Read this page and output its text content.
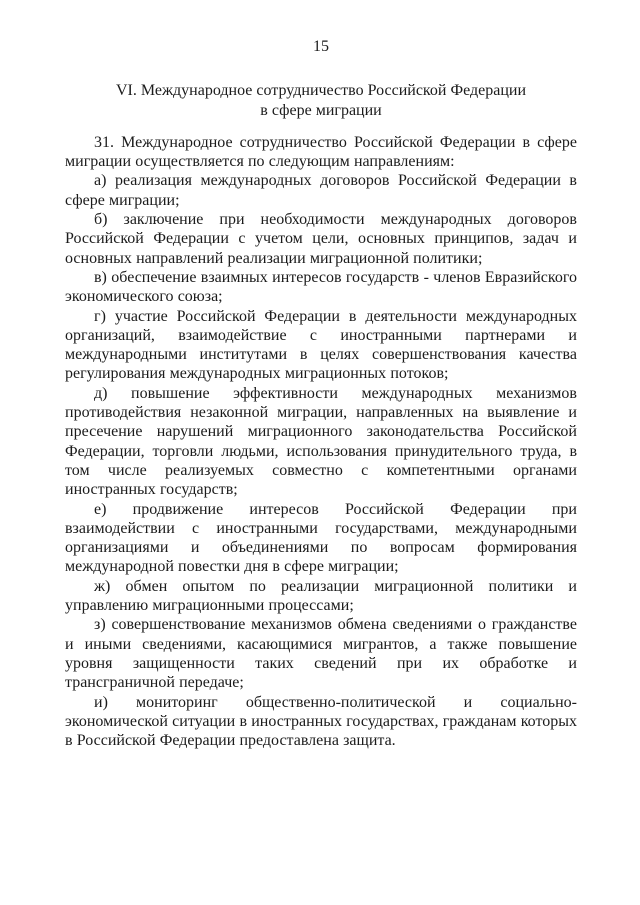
15
VI. Международное сотрудничество Российской Федерации
в сфере миграции

31. Международное сотрудничество Российской Федерации в сфере миграции осуществляется по следующим направлениям:

а) реализация международных договоров Российской Федерации в сфере миграции;

б) заключение при необходимости международных договоров Российской Федерации с учетом цели, основных принципов, задач и основных направлений реализации миграционной политики;

в) обеспечение взаимных интересов государств - членов Евразийского экономического союза;

г) участие Российской Федерации в деятельности международных организаций, взаимодействие с иностранными партнерами и международными институтами в целях совершенствования качества регулирования международных миграционных потоков;

д) повышение эффективности международных механизмов противодействия незаконной миграции, направленных на выявление и пресечение нарушений миграционного законодательства Российской Федерации, торговли людьми, использования принудительного труда, в том числе реализуемых совместно с компетентными органами иностранных государств;

е) продвижение интересов Российской Федерации при взаимодействии с иностранными государствами, международными организациями и объединениями по вопросам формирования международной повестки дня в сфере миграции;

ж) обмен опытом по реализации миграционной политики и управлению миграционными процессами;

з) совершенствование механизмов обмена сведениями о гражданстве и иными сведениями, касающимися мигрантов, а также повышение уровня защищенности таких сведений при их обработке и трансграничной передаче;

и) мониторинг общественно-политической и социально-экономической ситуации в иностранных государствах, гражданам которых в Российской Федерации предоставлена защита.
